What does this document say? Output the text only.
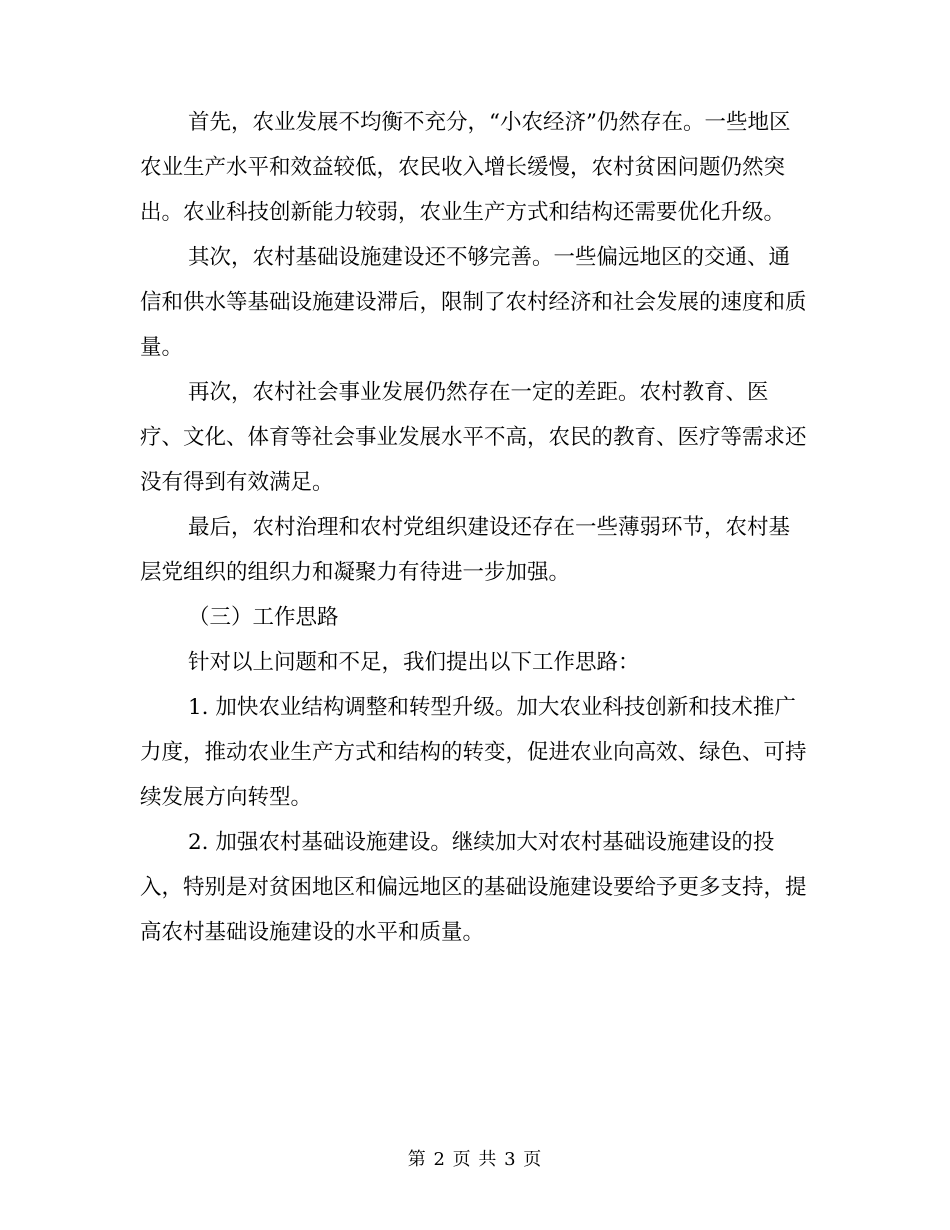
首先，农业发展不均衡不充分，“小农经济”仍然存在。一些地区农业生产水平和效益较低，农民收入增长缓慢，农村贫困问题仍然突出。农业科技创新能力较弱，农业生产方式和结构还需要优化升级。

其次，农村基础设施建设还不够完善。一些偏远地区的交通、通信和供水等基础设施建设滞后，限制了农村经济和社会发展的速度和质量。

再次，农村社会事业发展仍然存在一定的差距。农村教育、医疗、文化、体育等社会事业发展水平不高，农民的教育、医疗等需求还没有得到有效满足。

最后，农村治理和农村党组织建设还存在一些薄弱环节，农村基层党组织的组织力和凝聚力有待进一步加强。

（三）工作思路

针对以上问题和不足，我们提出以下工作思路：

1. 加快农业结构调整和转型升级。加大农业科技创新和技术推广力度，推动农业生产方式和结构的转变，促进农业向高效、绿色、可持续发展方向转型。

2. 加强农村基础设施建设。继续加大对农村基础设施建设的投入，特别是对贫困地区和偏远地区的基础设施建设要给予更多支持，提高农村基础设施建设的水平和质量。

第 2 页 共 3 页
